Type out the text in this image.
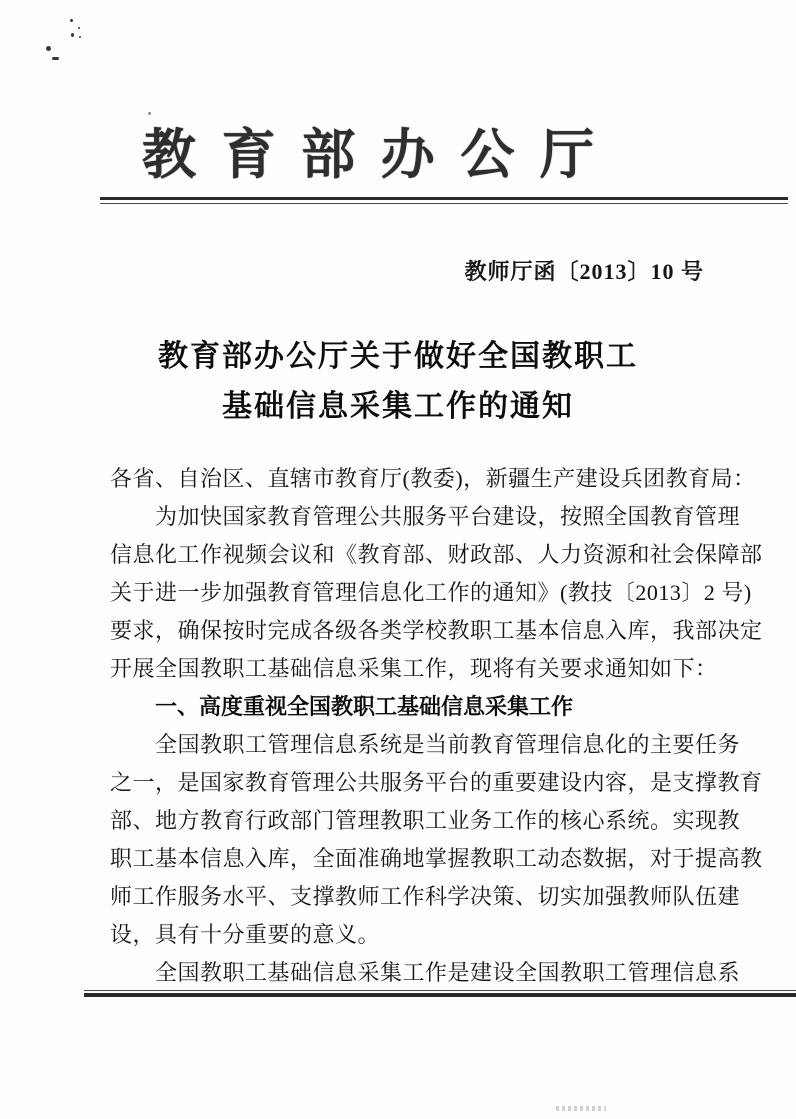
教 育 部 办 公 厅
教师厅函〔2013〕10 号
教育部办公厅关于做好全国教职工
基础信息采集工作的通知
各省、自治区、直辖市教育厅(教委)，新疆生产建设兵团教育局：
为加快国家教育管理公共服务平台建设，按照全国教育管理
信息化工作视频会议和《教育部、财政部、人力资源和社会保障部
关于进一步加强教育管理信息化工作的通知》(教技〔2013〕2 号)
要求，确保按时完成各级各类学校教职工基本信息入库，我部决定
开展全国教职工基础信息采集工作，现将有关要求通知如下：
一、高度重视全国教职工基础信息采集工作
全国教职工管理信息系统是当前教育管理信息化的主要任务
之一，是国家教育管理公共服务平台的重要建设内容，是支撑教育
部、地方教育行政部门管理教职工业务工作的核心系统。实现教
职工基本信息入库，全面准确地掌握教职工动态数据，对于提高教
师工作服务水平、支撑教师工作科学决策、切实加强教师队伍建
设，具有十分重要的意义。
全国教职工基础信息采集工作是建设全国教职工管理信息系
